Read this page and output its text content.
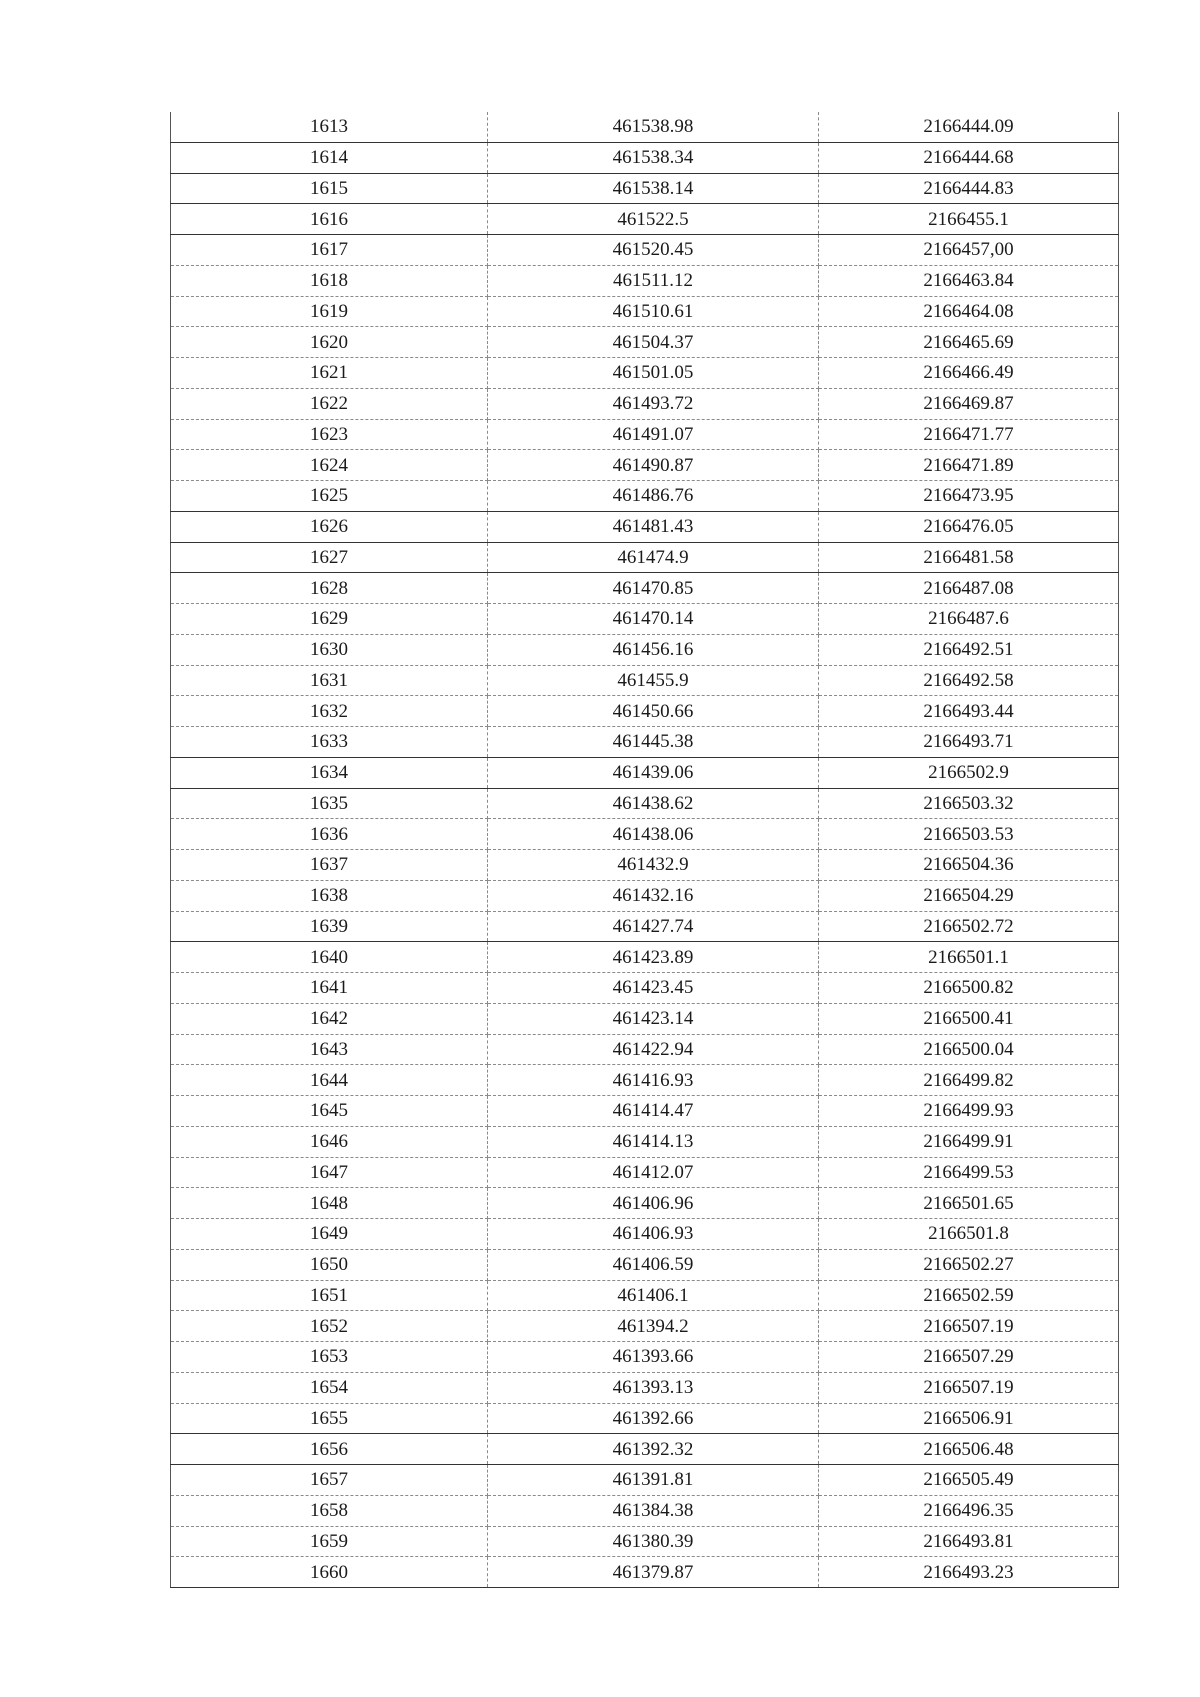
1613	461538.98	2166444.09
1614	461538.34	2166444.68
1615	461538.14	2166444.83
1616	461522.5	2166455.1
1617	461520.45	2166457,00
1618	461511.12	2166463.84
1619	461510.61	2166464.08
1620	461504.37	2166465.69
1621	461501.05	2166466.49
1622	461493.72	2166469.87
1623	461491.07	2166471.77
1624	461490.87	2166471.89
1625	461486.76	2166473.95
1626	461481.43	2166476.05
1627	461474.9	2166481.58
1628	461470.85	2166487.08
1629	461470.14	2166487.6
1630	461456.16	2166492.51
1631	461455.9	2166492.58
1632	461450.66	2166493.44
1633	461445.38	2166493.71
1634	461439.06	2166502.9
1635	461438.62	2166503.32
1636	461438.06	2166503.53
1637	461432.9	2166504.36
1638	461432.16	2166504.29
1639	461427.74	2166502.72
1640	461423.89	2166501.1
1641	461423.45	2166500.82
1642	461423.14	2166500.41
1643	461422.94	2166500.04
1644	461416.93	2166499.82
1645	461414.47	2166499.93
1646	461414.13	2166499.91
1647	461412.07	2166499.53
1648	461406.96	2166501.65
1649	461406.93	2166501.8
1650	461406.59	2166502.27
1651	461406.1	2166502.59
1652	461394.2	2166507.19
1653	461393.66	2166507.29
1654	461393.13	2166507.19
1655	461392.66	2166506.91
1656	461392.32	2166506.48
1657	461391.81	2166505.49
1658	461384.38	2166496.35
1659	461380.39	2166493.81
1660	461379.87	2166493.23
